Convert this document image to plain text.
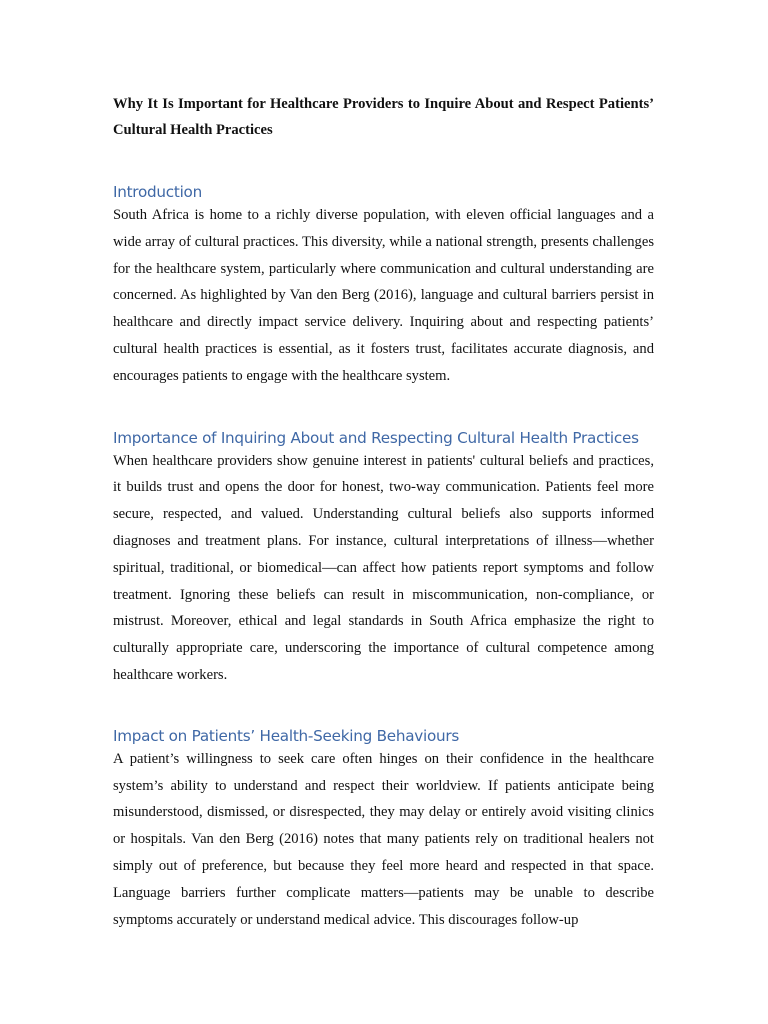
Why It Is Important for Healthcare Providers to Inquire About and Respect Patients’ Cultural Health Practices
Introduction

South Africa is home to a richly diverse population, with eleven official languages and a wide array of cultural practices. This diversity, while a national strength, presents challenges for the healthcare system, particularly where communication and cultural understanding are concerned. As highlighted by Van den Berg (2016), language and cultural barriers persist in healthcare and directly impact service delivery. Inquiring about and respecting patients’ cultural health practices is essential, as it fosters trust, facilitates accurate diagnosis, and encourages patients to engage with the healthcare system.

Importance of Inquiring About and Respecting Cultural Health Practices

When healthcare providers show genuine interest in patients' cultural beliefs and practices, it builds trust and opens the door for honest, two-way communication. Patients feel more secure, respected, and valued. Understanding cultural beliefs also supports informed diagnoses and treatment plans. For instance, cultural interpretations of illness—whether spiritual, traditional, or biomedical—can affect how patients report symptoms and follow treatment. Ignoring these beliefs can result in miscommunication, non-compliance, or mistrust. Moreover, ethical and legal standards in South Africa emphasize the right to culturally appropriate care, underscoring the importance of cultural competence among healthcare workers.

Impact on Patients’ Health-Seeking Behaviours

A patient’s willingness to seek care often hinges on their confidence in the healthcare system’s ability to understand and respect their worldview. If patients anticipate being misunderstood, dismissed, or disrespected, they may delay or entirely avoid visiting clinics or hospitals. Van den Berg (2016) notes that many patients rely on traditional healers not simply out of preference, but because they feel more heard and respected in that space. Language barriers further complicate matters—patients may be unable to describe symptoms accurately or understand medical advice. This discourages follow-up
